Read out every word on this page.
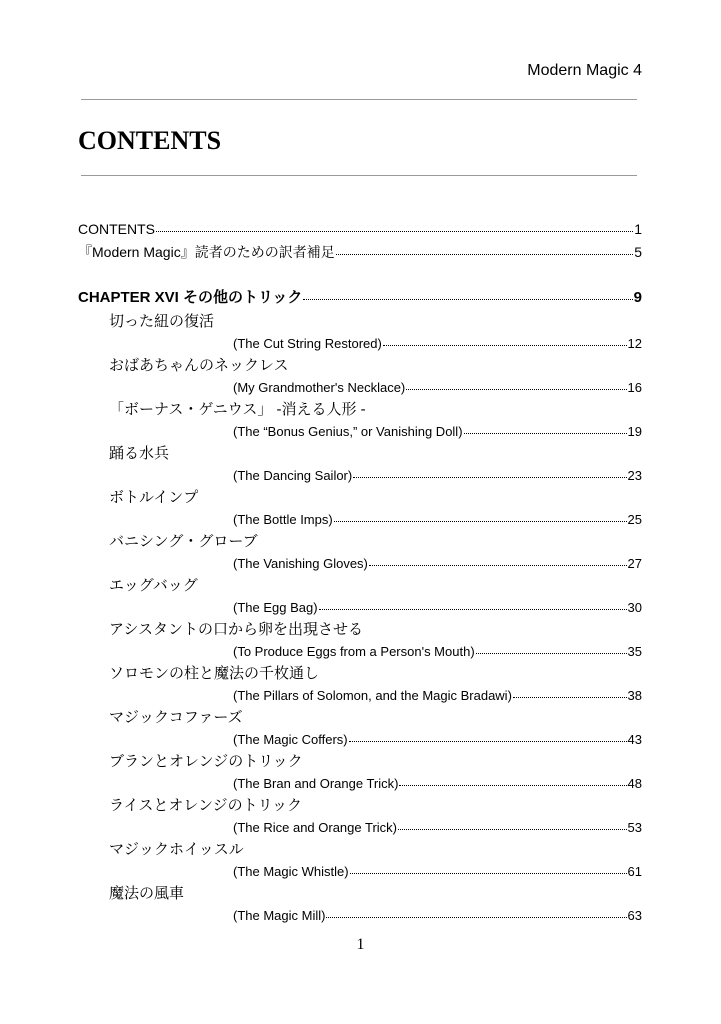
Modern Magic 4
CONTENTS
CONTENTS	1
『Modern Magic』読者のための訳者補足	5
CHAPTER XVI その他のトリック	9
切った紐の復活
(The Cut String Restored)	12
おばあちゃんのネックレス
(My Grandmother's Necklace)	16
「ボーナス・ゲニウス」 -消える人形 -
(The “Bonus Genius,” or Vanishing Doll)	19
踊る水兵
(The Dancing Sailor)	23
ボトルインプ
(The Bottle Imps)	25
バニシング・グローブ
(The Vanishing Gloves)	27
エッグバッグ
(The Egg Bag)	30
アシスタントの口から卵を出現させる
(To Produce Eggs from a Person's Mouth)	35
ソロモンの柱と魔法の千枚通し
(The Pillars of Solomon, and the Magic Bradawi)	38
マジックコファーズ
(The Magic Coffers)	43
ブランとオレンジのトリック
(The Bran and Orange Trick)	48
ライスとオレンジのトリック
(The Rice and Orange Trick)	53
マジックホイッスル
(The Magic Whistle)	61
魔法の風車
(The Magic Mill)	63
1
